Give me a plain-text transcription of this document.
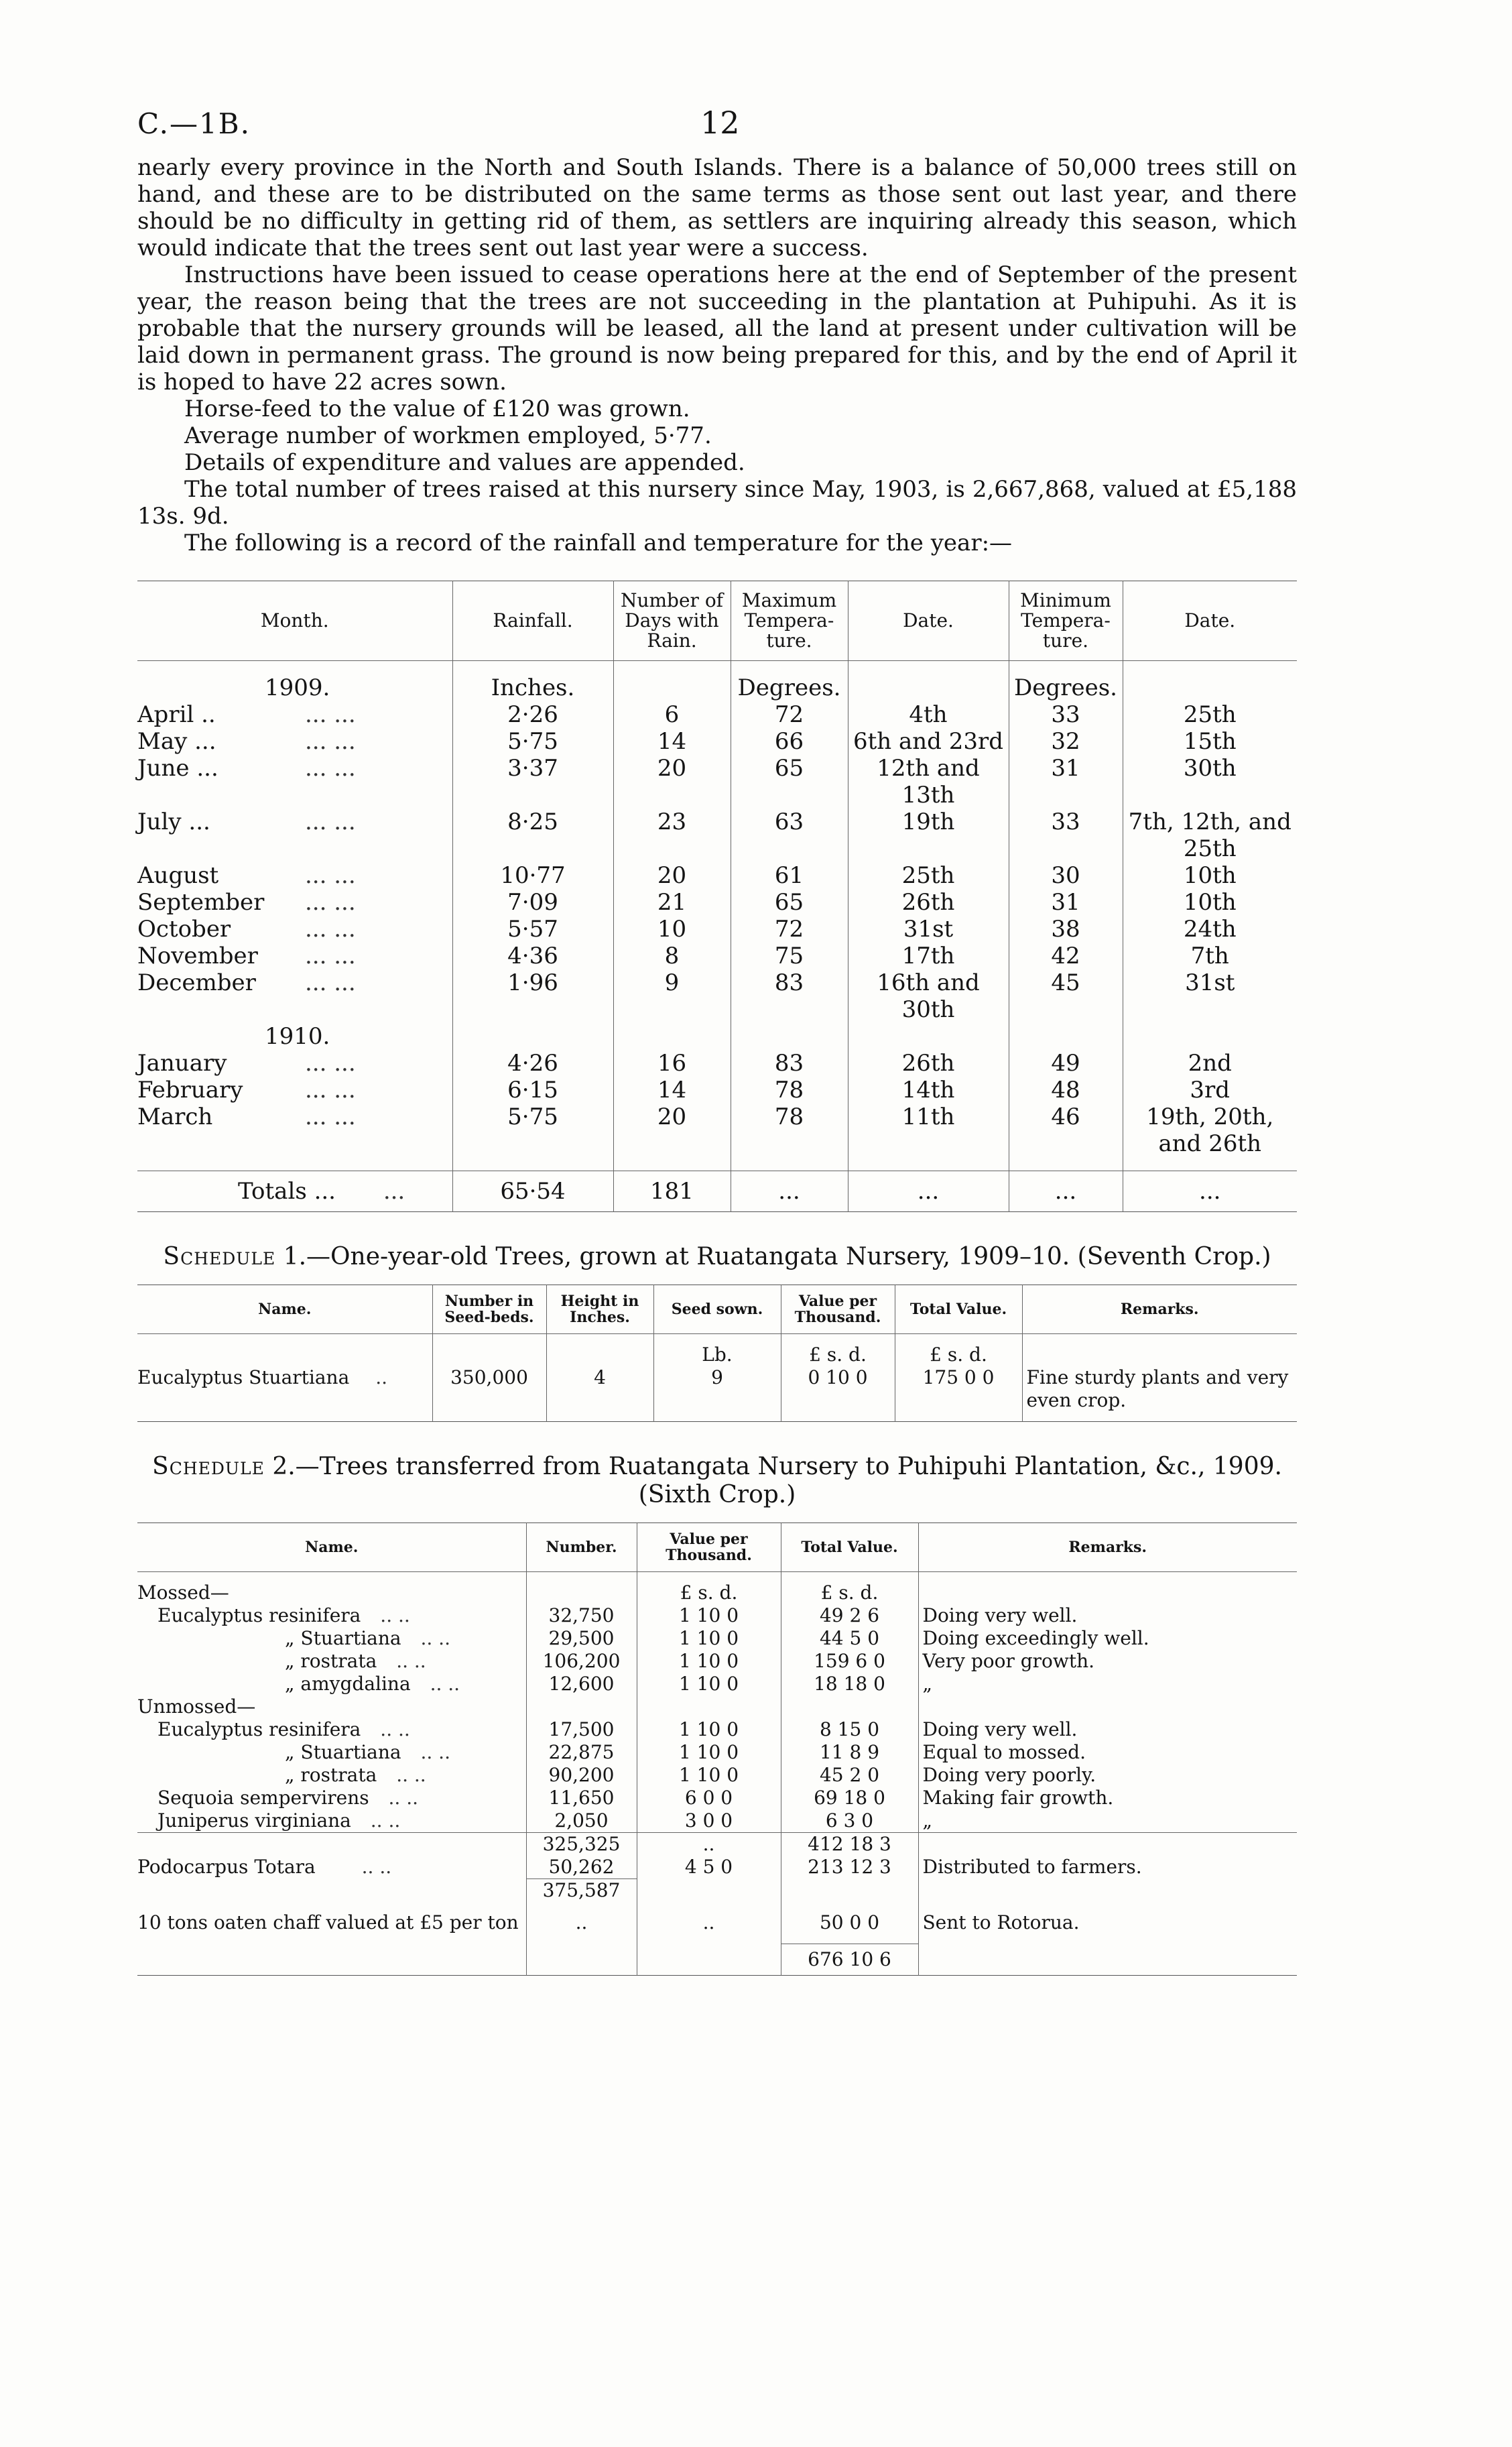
C.—1B.	12

nearly every province in the North and South Islands. There is a balance of 50,000 trees still on hand, and these are to be distributed on the same terms as those sent out last year, and there should be no difficulty in getting rid of them, as settlers are inquiring already this season, which would indicate that the trees sent out last year were a success.

Instructions have been issued to cease operations here at the end of September of the present year, the reason being that the trees are not succeeding in the plantation at Puhipuhi. As it is probable that the nursery grounds will be leased, all the land at present under cultivation will be laid down in permanent grass. The ground is now being prepared for this, and by the end of April it is hoped to have 22 acres sown.

Horse-feed to the value of £120 was grown.

Average number of workmen employed, 5·77.

Details of expenditure and values are appended.

The total number of trees raised at this nursery since May, 1903, is 2,667,868, valued at £5,188 13s. 9d.

The following is a record of the rainfall and temperature for the year:—

Month.	Rainfall.	Number of Days with Rain.	Maximum Tempera- ture.	Date.	Minimum Tempera- ture.	Date.

1909.	Inches.		Degrees.		Degrees.	
April .. ... ...	2·26	6	72	4th	33	25th
May ... ... ...	5·75	14	66	6th and 23rd	32	15th
June ... ... ...	3·37	20	65	12th and 13th	31	30th
July ... ... ...	8·25	23	63	19th	33	7th, 12th, and 25th
August ... ...	10·77	20	61	25th	30	10th
September ... ...	7·09	21	65	26th	31	10th
October ... ...	5·57	10	72	31st	38	24th
November ... ...	4·36	8	75	17th	42	7th
December ... ...	1·96	9	83	16th and 30th	45	31st
1910.						
January ... ...	4·26	16	83	26th	49	2nd
February ... ...	6·15	14	78	14th	48	3rd
March ... ...	5·75	20	78	11th	46	19th, 20th, and 26th

Totals ... ...	65·54	181	...	...	...	...
Schedule 1.—One-year-old Trees, grown at Ruatangata Nursery, 1909–10. (Seventh Crop.)
Name.	Number in Seed-beds.	Height in Inches.	Seed sown.	Value per Thousand.	Total Value.	Remarks.

			Lb.	£ s. d.	£ s. d.	
Eucalyptus Stuartiana ..	350,000	4	9	0 10 0	175 0 0	Fine sturdy plants and very even crop.

Schedule 2.—Trees transferred from Ruatangata Nursery to Puhipuhi Plantation, &c., 1909.
(Sixth Crop.)
Name.	Number.	Value per Thousand.	Total Value.	Remarks.

Mossed—		£ s. d.	£ s. d.	
Eucalyptus resinifera .. ..	32,750	1 10 0	49 2 6	Doing very well.
„ Stuartiana .. ..	29,500	1 10 0	44 5 0	Doing exceedingly well.
„ rostrata .. ..	106,200	1 10 0	159 6 0	Very poor growth.
„ amygdalina .. ..	12,600	1 10 0	18 18 0	„
Unmossed—				
Eucalyptus resinifera .. ..	17,500	1 10 0	8 15 0	Doing very well.
„ Stuartiana .. ..	22,875	1 10 0	11 8 9	Equal to mossed.
„ rostrata .. ..	90,200	1 10 0	45 2 0	Doing very poorly.
Sequoia sempervirens .. ..	11,650	6 0 0	69 18 0	Making fair growth.
Juniperus virginiana .. ..	2,050	3 0 0	6 3 0	„
	325,325	..	412 18 3	
Podocarpus Totara .. ..	50,262	4 5 0	213 12 3	Distributed to farmers.
	375,587			

10 tons oaten chaff valued at £5 per ton	..	..	50 0 0	Sent to Rotorua.

			676 10 6	
